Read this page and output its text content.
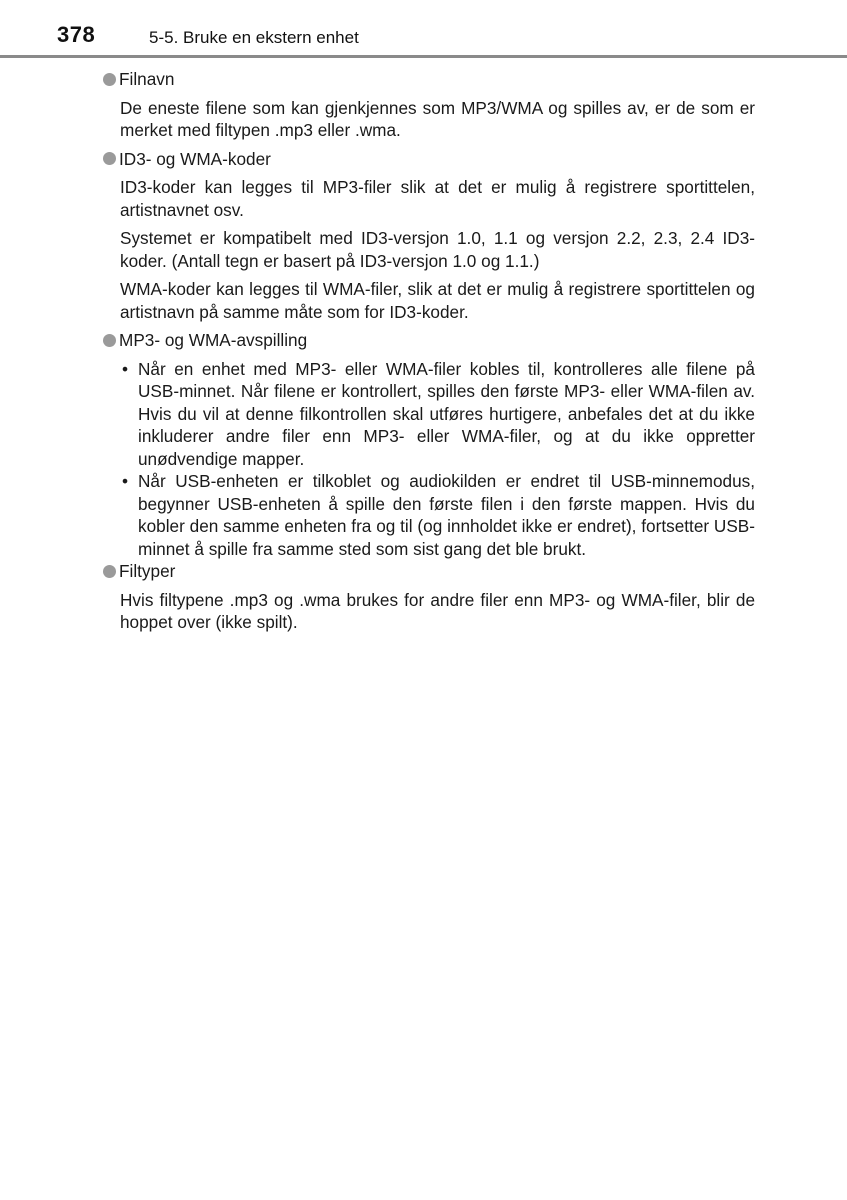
378	5-5. Bruke en ekstern enhet
Filnavn

De eneste filene som kan gjenkjennes som MP3/WMA og spilles av, er de som er merket med filtypen .mp3 eller .wma.

ID3- og WMA-koder

ID3-koder kan legges til MP3-filer slik at det er mulig å registrere sportittelen, artistnavnet osv.

Systemet er kompatibelt med ID3-versjon 1.0, 1.1 og versjon 2.2, 2.3, 2.4 ID3-koder. (Antall tegn er basert på ID3-versjon 1.0 og 1.1.)

WMA-koder kan legges til WMA-filer, slik at det er mulig å registrere sportittelen og artistnavn på samme måte som for ID3-koder.

MP3- og WMA-avspilling
• Når en enhet med MP3- eller WMA-filer kobles til, kontrolleres alle filene på USB-minnet. Når filene er kontrollert, spilles den første MP3- eller WMA-filen av. Hvis du vil at denne filkontrollen skal utføres hurtigere, anbefales det at du ikke inkluderer andre filer enn MP3- eller WMA-filer, og at du ikke oppretter unødvendige mapper.
• Når USB-enheten er tilkoblet og audiokilden er endret til USB-minnemodus, begynner USB-enheten å spille den første filen i den første mappen. Hvis du kobler den samme enheten fra og til (og innholdet ikke er endret), fortsetter USB-minnet å spille fra samme sted som sist gang det ble brukt.
Filtyper

Hvis filtypene .mp3 og .wma brukes for andre filer enn MP3- og WMA-filer, blir de hoppet over (ikke spilt).
